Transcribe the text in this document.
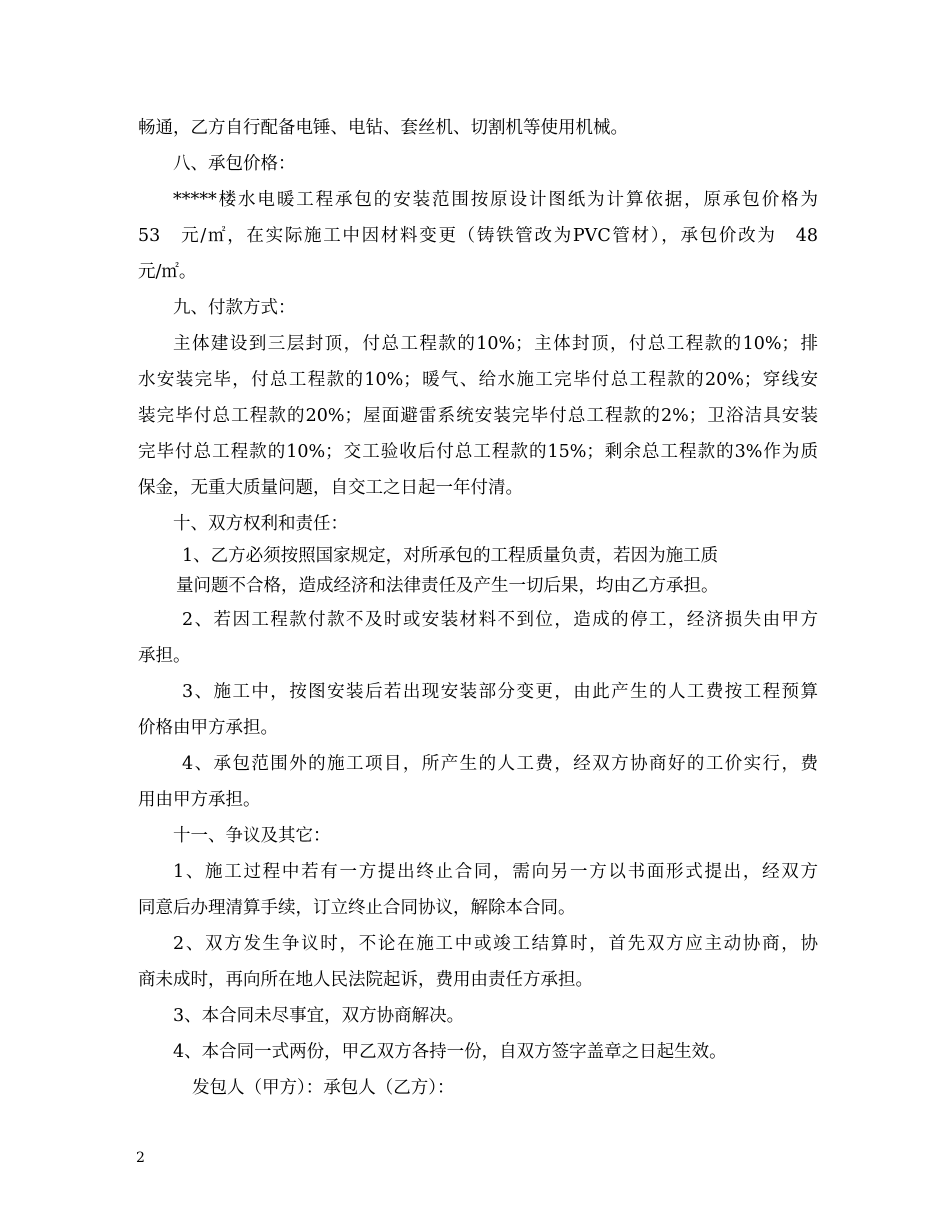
畅通，乙方自行配备电锤、电钻、套丝机、切割机等使用机械。
八、承包价格：
*****楼水电暖工程承包的安装范围按原设计图纸为计算依据，原承包价格为
53　元/㎡，在实际施工中因材料变更（铸铁管改为PVC管材），承包价改为　48
元/㎡。
九、付款方式：
主体建设到三层封顶，付总工程款的10%；主体封顶，付总工程款的10%；排
水安装完毕，付总工程款的10%；暖气、给水施工完毕付总工程款的20%；穿线安
装完毕付总工程款的20%；屋面避雷系统安装完毕付总工程款的2%；卫浴洁具安装
完毕付总工程款的10%；交工验收后付总工程款的15%；剩余总工程款的3%作为质
保金，无重大质量问题，自交工之日起一年付清。
十、双方权利和责任：
1、乙方必须按照国家规定，对所承包的工程质量负责，若因为施工质
量问题不合格，造成经济和法律责任及产生一切后果，均由乙方承担。
2、若因工程款付款不及时或安装材料不到位，造成的停工，经济损失由甲方
承担。
3、施工中，按图安装后若出现安装部分变更，由此产生的人工费按工程预算
价格由甲方承担。
4、承包范围外的施工项目，所产生的人工费，经双方协商好的工价实行，费
用由甲方承担。
十一、争议及其它：
1、施工过程中若有一方提出终止合同，需向另一方以书面形式提出，经双方
同意后办理清算手续，订立终止合同协议，解除本合同。
2、双方发生争议时，不论在施工中或竣工结算时，首先双方应主动协商，协
商未成时，再向所在地人民法院起诉，费用由责任方承担。
3、本合同未尽事宜，双方协商解决。
4、本合同一式两份，甲乙双方各持一份，自双方签字盖章之日起生效。
发包人（甲方）：承包人（乙方）：
2
